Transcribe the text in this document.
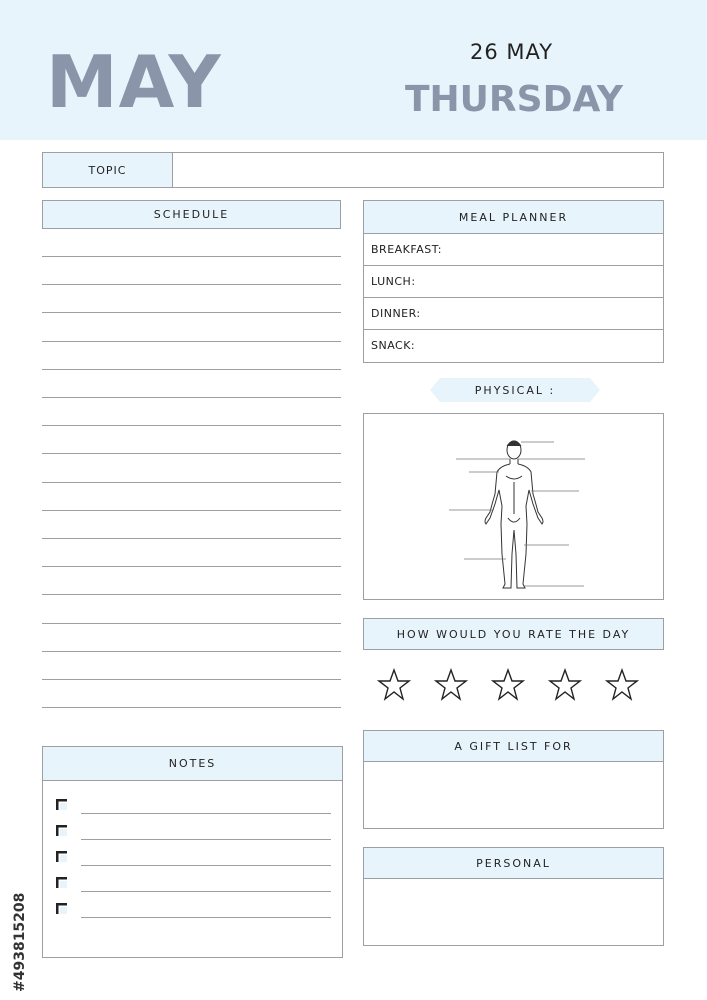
MAY	26 MAY
THURSDAY
TOPIC
SCHEDULE	MEAL PLANNER
BREAKFAST:
LUNCH:
DINNER:
SNACK:
PHYSICAL :
HOW WOULD YOU RATE THE DAY
A GIFT LIST FOR
PERSONAL
NOTES
#493815208
